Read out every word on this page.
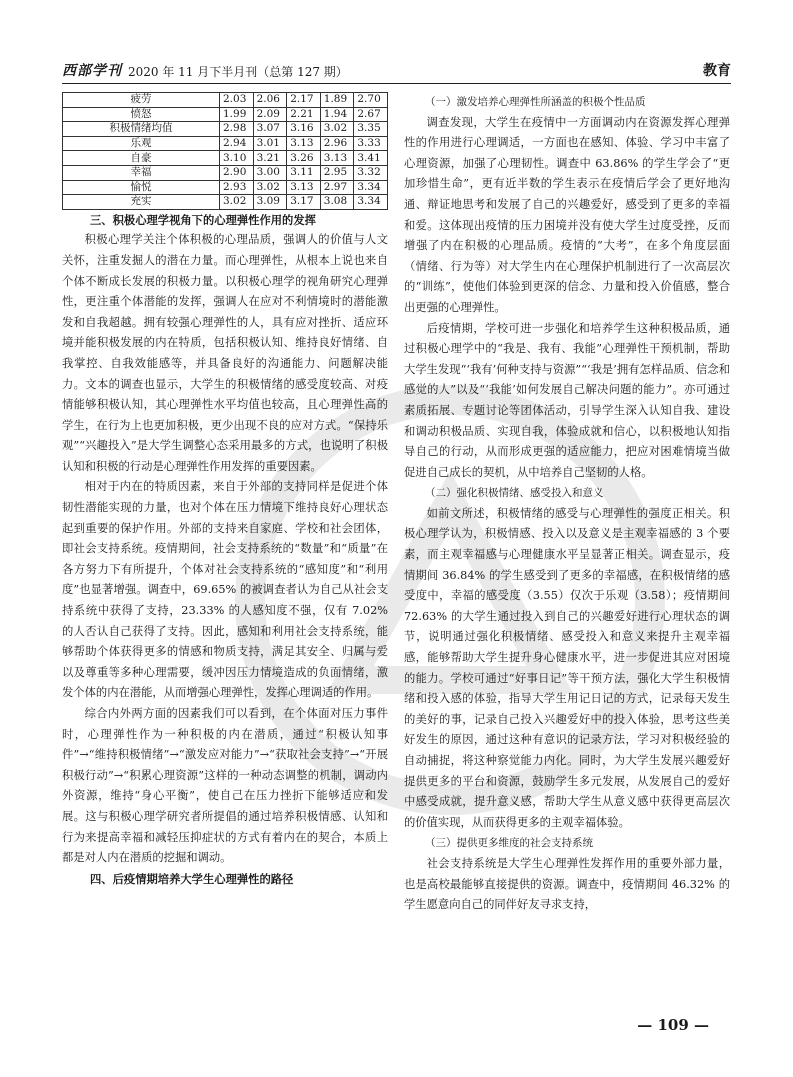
西部学刊 2020 年 11 月下半月刊（总第 127 期）	教育
疲劳	2.03	2.06	2.17	1.89	2.70
愤怒	1.99	2.09	2.21	1.94	2.67
积极情绪均值	2.98	3.07	3.16	3.02	3.35
乐观	2.94	3.01	3.13	2.96	3.33
自豪	3.10	3.21	3.26	3.13	3.41
幸福	2.90	3.00	3.11	2.95	3.32
愉悦	2.93	3.02	3.13	2.97	3.34
充实	3.02	3.09	3.17	3.08	3.34
三、积极心理学视角下的心理弹性作用的发挥

积极心理学关注个体积极的心理品质，强调人的价值与人文关怀，注重发掘人的潜在力量。而心理弹性，从根本上说也来自个体不断成长发展的积极力量。以积极心理学的视角研究心理弹性，更注重个体潜能的发挥，强调人在应对不利情境时的潜能激发和自我超越。拥有较强心理弹性的人，具有应对挫折、适应环境并能积极发展的内在特质，包括积极认知、维持良好情绪、自我掌控、自我效能感等，并具备良好的沟通能力、问题解决能力。文本的调查也显示，大学生的积极情绪的感受度较高、对疫情能够积极认知，其心理弹性水平均值也较高，且心理弹性高的学生，在行为上也更加积极，更少出现不良的应对方式。“保持乐观”“兴趣投入”是大学生调整心态采用最多的方式，也说明了积极认知和积极的行动是心理弹性作用发挥的重要因素。

相对于内在的特质因素，来自于外部的支持同样是促进个体韧性潜能实现的力量，也对个体在压力情境下维持良好心理状态起到重要的保护作用。外部的支持来自家庭、学校和社会团体，即社会支持系统。疫情期间，社会支持系统的“数量”和“质量”在各方努力下有所提升，个体对社会支持系统的“感知度”和“利用度”也显著增强。调查中，69.65% 的被调查者认为自己从社会支持系统中获得了支持，23.33% 的人感知度不强，仅有 7.02% 的人否认自己获得了支持。因此，感知和利用社会支持系统，能够帮助个体获得更多的情感和物质支持，满足其安全、归属与爱以及尊重等多种心理需要，缓冲因压力情境造成的负面情绪，激发个体的内在潜能，从而增强心理弹性，发挥心理调适的作用。

综合内外两方面的因素我们可以看到，在个体面对压力事件时，心理弹性作为一种积极的内在潜质，通过“积极认知事件”→“维持积极情绪”→“激发应对能力”→“获取社会支持”→“开展积极行动”→“积累心理资源”这样的一种动态调整的机制，调动内外资源，维持“身心平衡”，使自己在压力挫折下能够适应和发展。这与积极心理学研究者所提倡的通过培养积极情感、认知和行为来提高幸福和减轻压抑症状的方式有着内在的契合，本质上都是对人内在潜质的挖掘和调动。

四、后疫情期培养大学生心理弹性的路径
（一）激发培养心理弹性所涵盖的积极个性品质

调查发现，大学生在疫情中一方面调动内在资源发挥心理弹性的作用进行心理调适，一方面也在感知、体验、学习中丰富了心理资源，加强了心理韧性。调查中 63.86% 的学生学会了“更加珍惜生命”，更有近半数的学生表示在疫情后学会了更好地沟通、辩证地思考和发展了自己的兴趣爱好，感受到了更多的幸福和爱。这体现出疫情的压力困境并没有使大学生过度受挫，反而增强了内在积极的心理品质。疫情的“大考”，在多个角度层面（情绪、行为等）对大学生内在心理保护机制进行了一次高层次的“训练”，使他们体验到更深的信念、力量和投入价值感，整合出更强的心理弹性。

后疫情期，学校可进一步强化和培养学生这种积极品质，通过积极心理学中的“我是、我有、我能”心理弹性干预机制，帮助大学生发现“‘我有’何种支持与资源”“‘我是’拥有怎样品质、信念和感觉的人”以及“‘我能’如何发展自己解决问题的能力”。亦可通过素质拓展、专题讨论等团体活动，引导学生深入认知自我、建设和调动积极品质、实现自我，体验成就和信心，以积极地认知指导自己的行动，从而形成更强的适应能力，把应对困难情境当做促进自己成长的契机，从中培养自己坚韧的人格。

（二）强化积极情绪、感受投入和意义

如前文所述，积极情绪的感受与心理弹性的强度正相关。积极心理学认为，积极情感、投入以及意义是主观幸福感的 3 个要素，而主观幸福感与心理健康水平呈显著正相关。调查显示，疫情期间 36.84% 的学生感受到了更多的幸福感，在积极情绪的感受度中，幸福的感受度（3.55）仅次于乐观（3.58）；疫情期间 72.63% 的大学生通过投入到自己的兴趣爱好进行心理状态的调节，说明通过强化积极情绪、感受投入和意义来提升主观幸福感，能够帮助大学生提升身心健康水平，进一步促进其应对困境的能力。学校可通过“好事日记”等干预方法，强化大学生积极情绪和投入感的体验，指导大学生用记日记的方式，记录每天发生的美好的事，记录自己投入兴趣爱好中的投入体验，思考这些美好发生的原因，通过这种有意识的记录方法，学习对积极经验的自动捕捉，将这种察觉能力内化。同时，为大学生发展兴趣爱好提供更多的平台和资源，鼓励学生多元发展，从发展自己的爱好中感受成就，提升意义感，帮助大学生从意义感中获得更高层次的价值实现，从而获得更多的主观幸福体验。

（三）提供更多维度的社会支持系统

社会支持系统是大学生心理弹性发挥作用的重要外部力量，也是高校最能够直接提供的资源。调查中，疫情期间 46.32% 的学生愿意向自己的同伴好友寻求支持，

— 109 —
